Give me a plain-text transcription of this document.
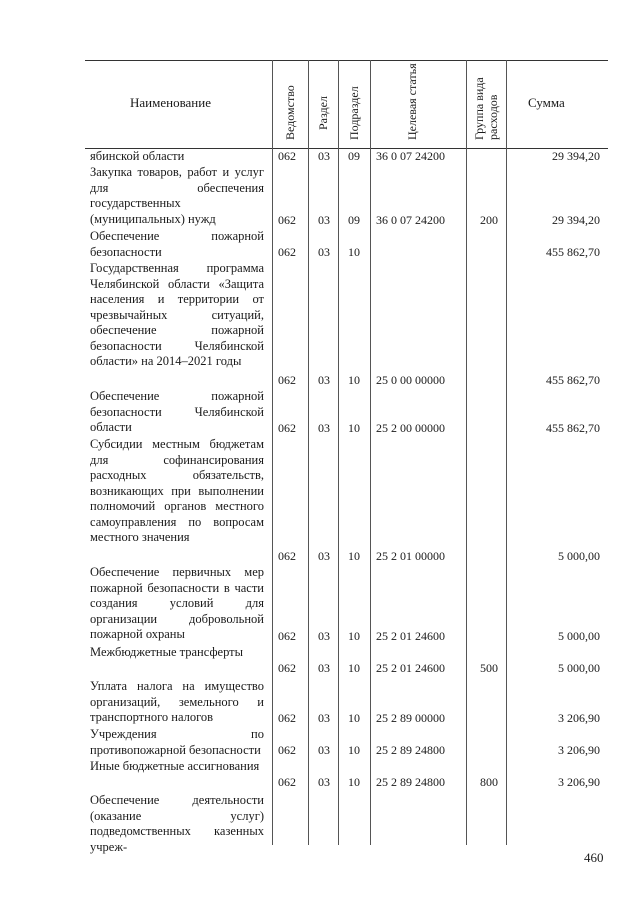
Наименование	Ведомство Раздел Подраздел	Целевая статья	Группа вида расходов Сумма
ябинской области	062 03 09 36 0 07 24200	29 394,20
Закупка товаров, работ и услуг для обеспечения государственных (муниципальных) нужд	062 03 09 36 0 07 24200	200	29 394,20
Обеспечение пожарной безопасности	062 03 10	455 862,70
Государственная программа Челябинской области «Защита населения и территории от чрезвычайных ситуаций, обеспечение пожарной безопасности Челябинской области» на 2014–2021 годы
062 03 10 25 0 00 00000	455 862,70
Обеспечение пожарной безопасности Челябинской области	062 03 10 25 2 00 00000	455 862,70
Субсидии местным бюджетам для софинансирования расходных обязательств, возникающих при выполнении полномочий органов местного самоуправления по вопросам местного значения
062 03 10 25 2 01 00000	5 000,00
Обеспечение первичных мер пожарной безопасности в части создания условий для организации добровольной пожарной охраны	062 03 10 25 2 01 24600	5 000,00
Межбюджетные трансферты
062 03 10 25 2 01 24600	500	5 000,00
Уплата налога на имущество организаций, земельного и транспортного налогов	062 03 10 25 2 89 00000	3 206,90
Учреждения по противопожарной безопасности 062 03 10 25 2 89 24800	3 206,90
Иные бюджетные ассигнования
062 03 10 25 2 89 24800	800	3 206,90
Обеспечение деятельности (оказание услуг) подведомственных казенных учреж-
460
